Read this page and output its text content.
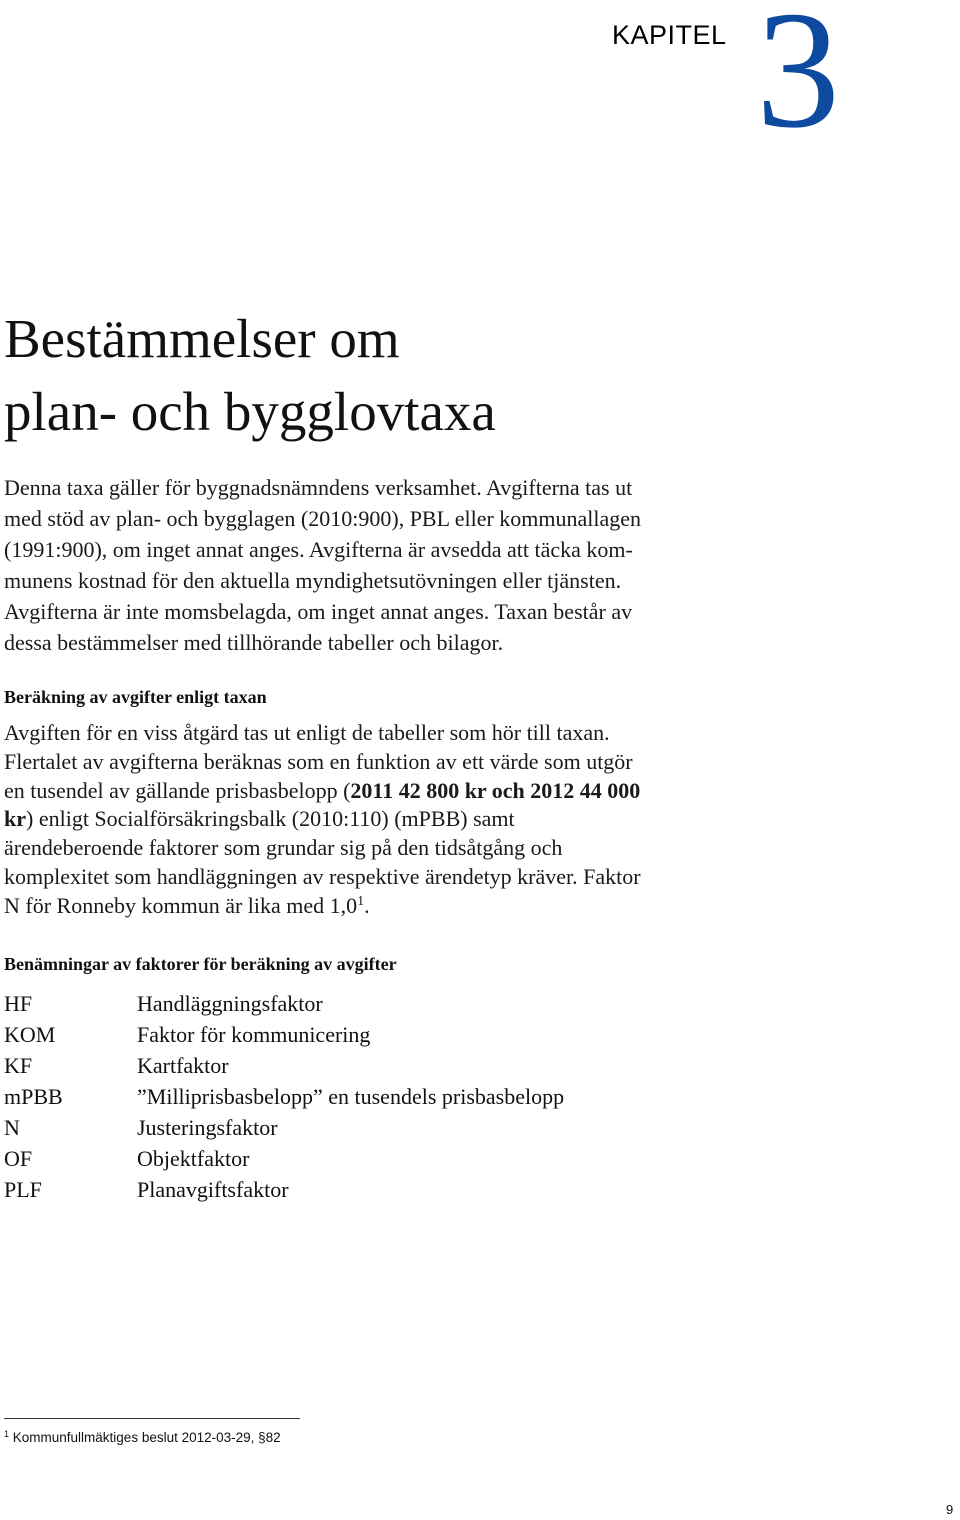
KAPITEL 3
Bestämmelser om
plan- och bygglovtaxa

Denna taxa gäller för byggnadsnämndens verksamhet. Avgifterna tas ut
med stöd av plan- och bygglagen (2010:900), PBL eller kommunallagen
(1991:900), om inget annat anges. Avgifterna är avsedda att täcka kom-
munens kostnad för den aktuella myndighetsutövningen eller tjänsten.
Avgifterna är inte momsbelagda, om inget annat anges. Taxan består av
dessa bestämmelser med tillhörande tabeller och bilagor.

Beräkning av avgifter enligt taxan

Avgiften för en viss åtgärd tas ut enligt de tabeller som hör till taxan.
Flertalet av avgifterna beräknas som en funktion av ett värde som utgör
en tusendel av gällande prisbasbelopp (2011 42 800 kr och 2012 44 000
kr) enligt Socialförsäkringsbalk (2010:110) (mPBB) samt
ärendeberoende faktorer som grundar sig på den tidsåtgång och
komplexitet som handläggningen av respektive ärendetyp kräver. Faktor
N för Ronneby kommun är lika med $1,0^1$.

Benämningar av faktorer för beräkning av avgifter
HF	Handläggningsfaktor
KOM	Faktor för kommunicering
KF	Kartfaktor
mPBB	”Milliprisbasbelopp” en tusendels prisbasbelopp
N	Justeringsfaktor
OF	Objektfaktor
PLF	Planavgiftsfaktor
$^1$ Kommunfullmäktiges beslut 2012-03-29, §82
9
